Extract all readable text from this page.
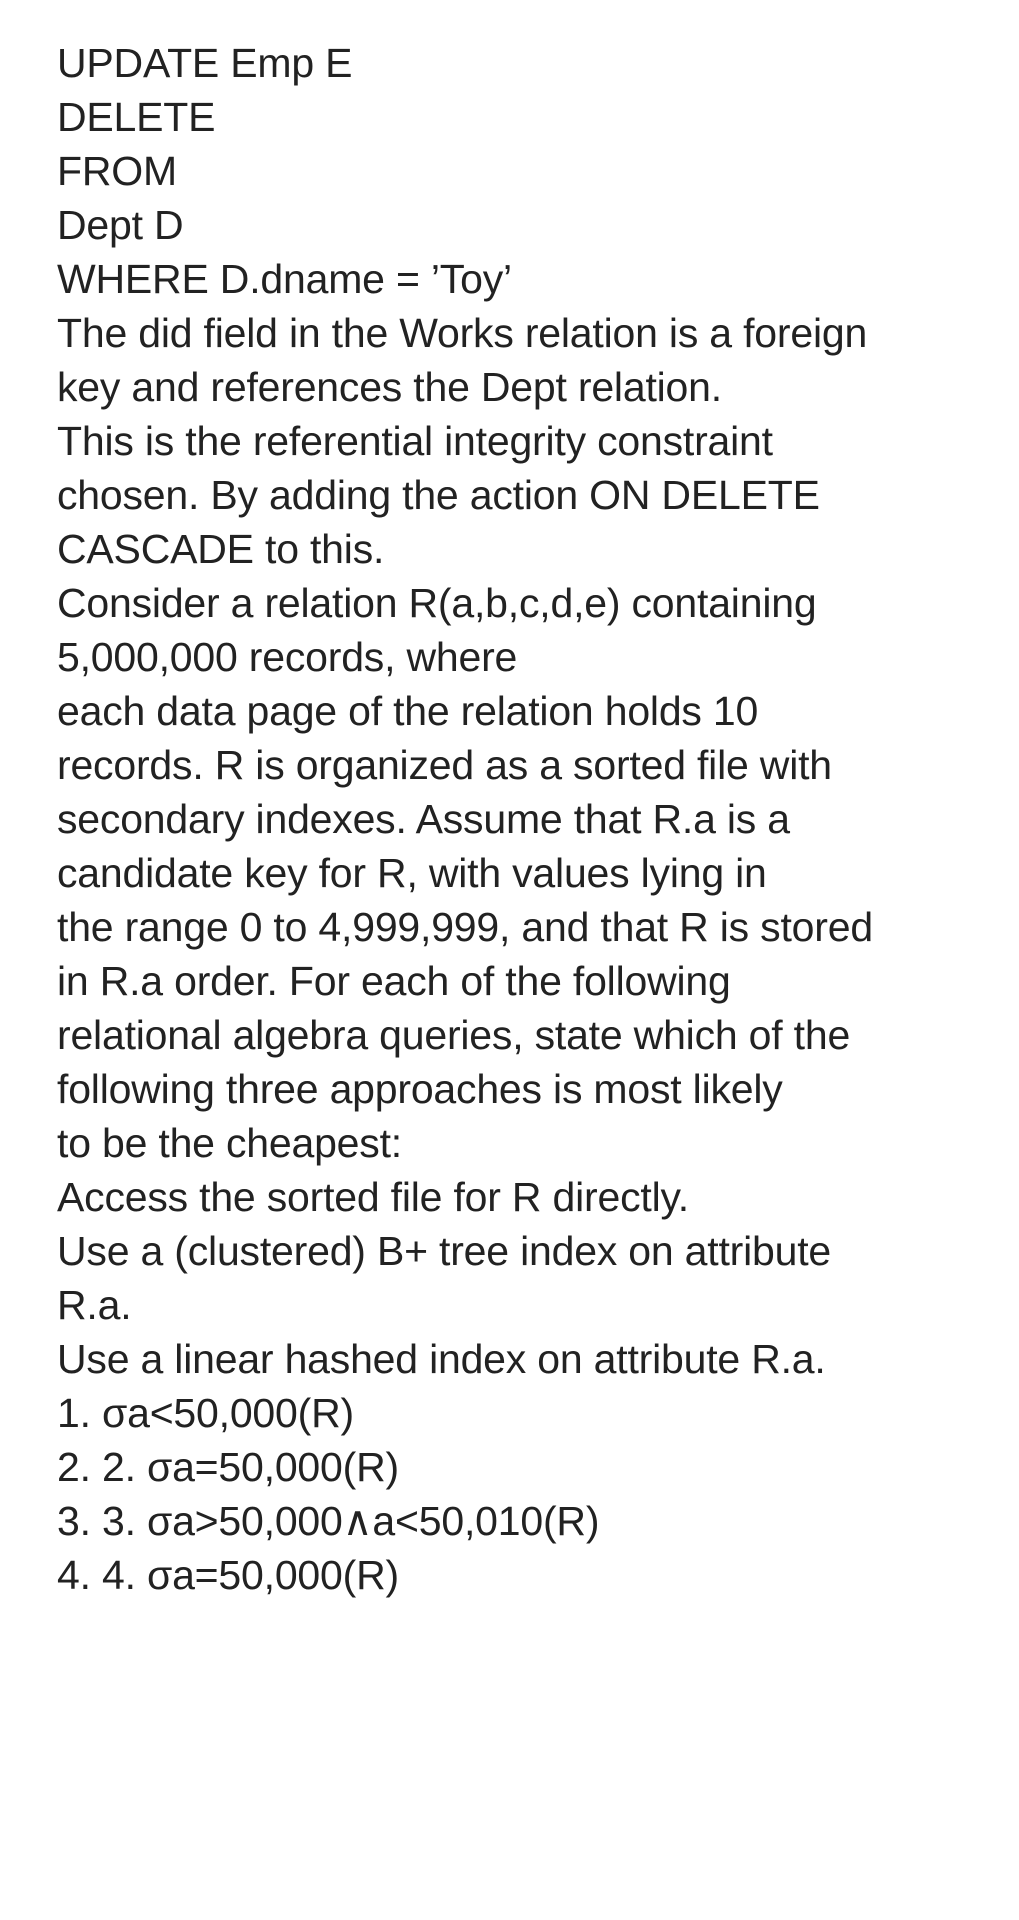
UPDATE Emp E
DELETE
FROM
Dept D
WHERE D.dname = ’Toy’
The did field in the Works relation is a foreign
key and references the Dept relation.
This is the referential integrity constraint
chosen. By adding the action ON DELETE
CASCADE to this.
Consider a relation R(a,b,c,d,e) containing
5,000,000 records, where
each data page of the relation holds 10
records. R is organized as a sorted file with
secondary indexes. Assume that R.a is a
candidate key for R, with values lying in
the range 0 to 4,999,999, and that R is stored
in R.a order. For each of the following
relational algebra queries, state which of the
following three approaches is most likely
to be the cheapest:
Access the sorted file for R directly.
Use a (clustered) B+ tree index on attribute
R.a.
Use a linear hashed index on attribute R.a.
1. σa<50,000(R)
2. 2. σa=50,000(R)
3. 3. σa>50,000∧a<50,010(R)
4. 4. σa=50,000(R)
